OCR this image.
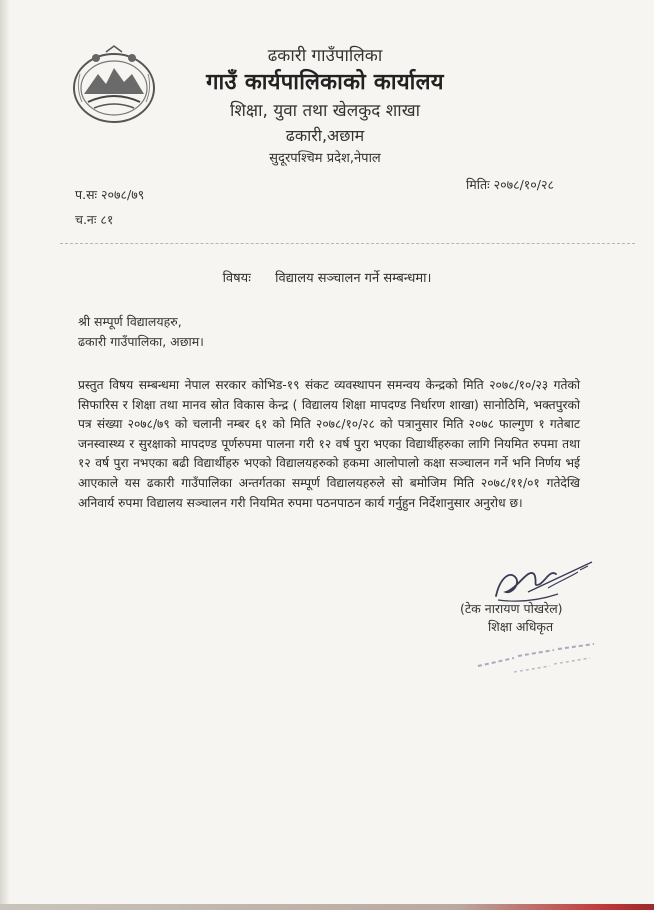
ढकारी गाउँपालिका
गाउँ कार्यपालिकाको कार्यालय
शिक्षा, युवा तथा खेलकुद शाखा
ढकारी,अछाम
सुदूरपश्चिम प्रदेश,नेपाल
मितिः २०७८/१०/२८
प.सः २०७८/७९
च.नः ८१
विषयः विद्यालय सञ्चालन गर्ने सम्बन्धमा।
श्री सम्पूर्ण विद्यालयहरु,
ढकारी गाउँपालिका, अछाम।
प्रस्तुत विषय सम्बन्धमा नेपाल सरकार कोभिड-१९ संकट व्यवस्थापन समन्वय केन्द्रको मिति २०७८/१०/२३ गतेको सिफारिस र शिक्षा तथा मानव स्रोत विकास केन्द्र ( विद्यालय शिक्षा मापदण्ड निर्धारण शाखा) सानोठिमि, भक्तपुरको पत्र संख्या २०७८/७९ को चलानी नम्बर ६१ को मिति २०७८/१०/२८ को पत्रानुसार मिति २०७८ फाल्गुण १ गतेबाट जनस्वास्थ्य र सुरक्षाको मापदण्ड पूर्णरुपमा पालना गरी १२ वर्ष पुरा भएका विद्यार्थीहरुका लागि नियमित रुपमा तथा १२ वर्ष पुरा नभएका बढी विद्यार्थीहरु भएको विद्यालयहरुको हकमा आलोपालो कक्षा सञ्चालन गर्ने भनि निर्णय भई आएकाले यस ढकारी गाउँपालिका अन्तर्गतका सम्पूर्ण विद्यालयहरुले सो बमोजिम मिति २०७८/११/०१ गतेदेखि अनिवार्य रुपमा विद्यालय सञ्चालन गरी नियमित रुपमा पठनपाठन कार्य गर्नुहुन निर्देशानुसार अनुरोध छ।
(टेक नारायण पोखरेल)
शिक्षा अधिकृत
